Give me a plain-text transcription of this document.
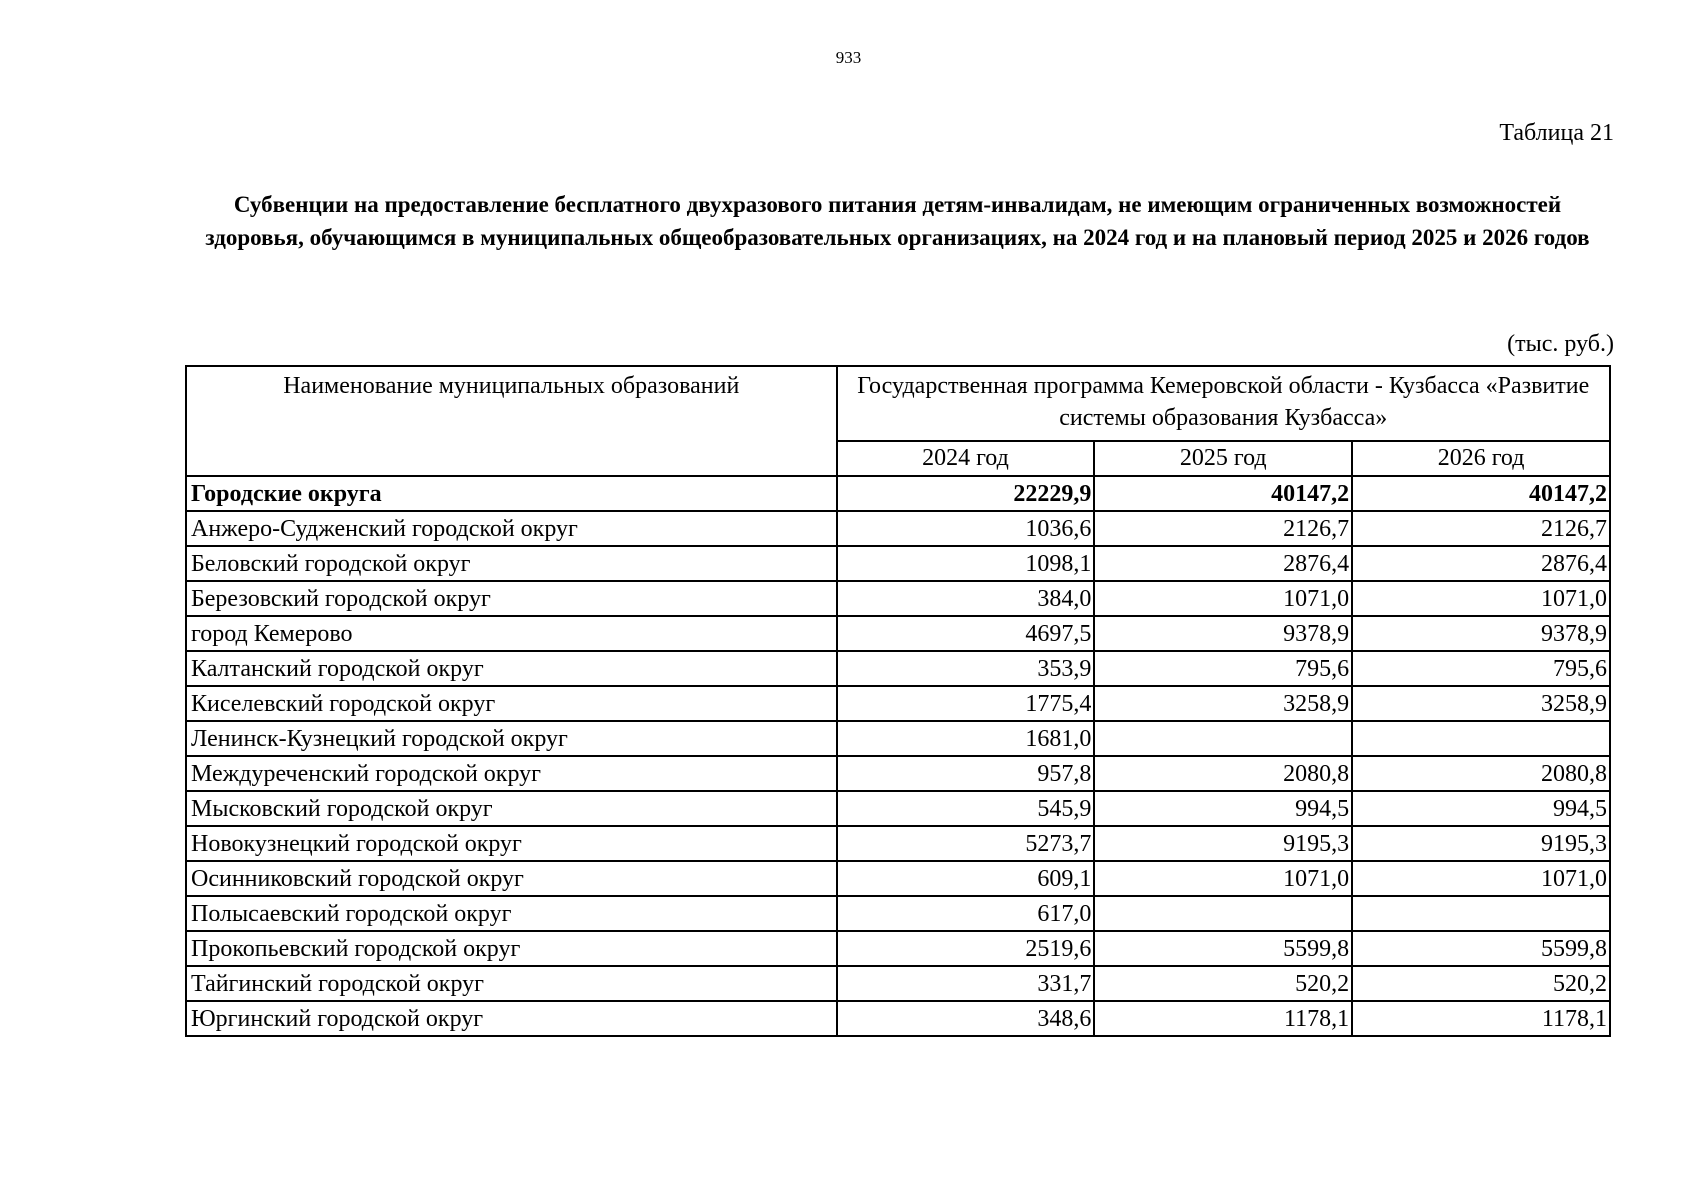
933
Таблица 21
Субвенции на предоставление бесплатного двухразового питания детям-инвалидам, не имеющим ограниченных возможностей здоровья, обучающимся в муниципальных общеобразовательных организациях, на 2024 год и на плановый период 2025 и 2026 годов
(тыс. руб.)
Наименование муниципальных образований	Государственная программа Кемеровской области - Кузбасса «Развитие системы образования Кузбасса»		
	2024 год	2025 год	2026 год
Городские округа	22229,9	40147,2	40147,2
Анжеро-Судженский городской округ	1036,6	2126,7	2126,7
Беловский городской округ	1098,1	2876,4	2876,4
Березовский городской округ	384,0	1071,0	1071,0
город Кемерово	4697,5	9378,9	9378,9
Калтанский городской округ	353,9	795,6	795,6
Киселевский городской округ	1775,4	3258,9	3258,9
Ленинск-Кузнецкий городской округ	1681,0		
Междуреченский городской округ	957,8	2080,8	2080,8
Мысковский городской округ	545,9	994,5	994,5
Новокузнецкий городской округ	5273,7	9195,3	9195,3
Осинниковский городской округ	609,1	1071,0	1071,0
Полысаевский городской округ	617,0		
Прокопьевский городской округ	2519,6	5599,8	5599,8
Тайгинский городской округ	331,7	520,2	520,2
Юргинский городской округ	348,6	1178,1	1178,1
